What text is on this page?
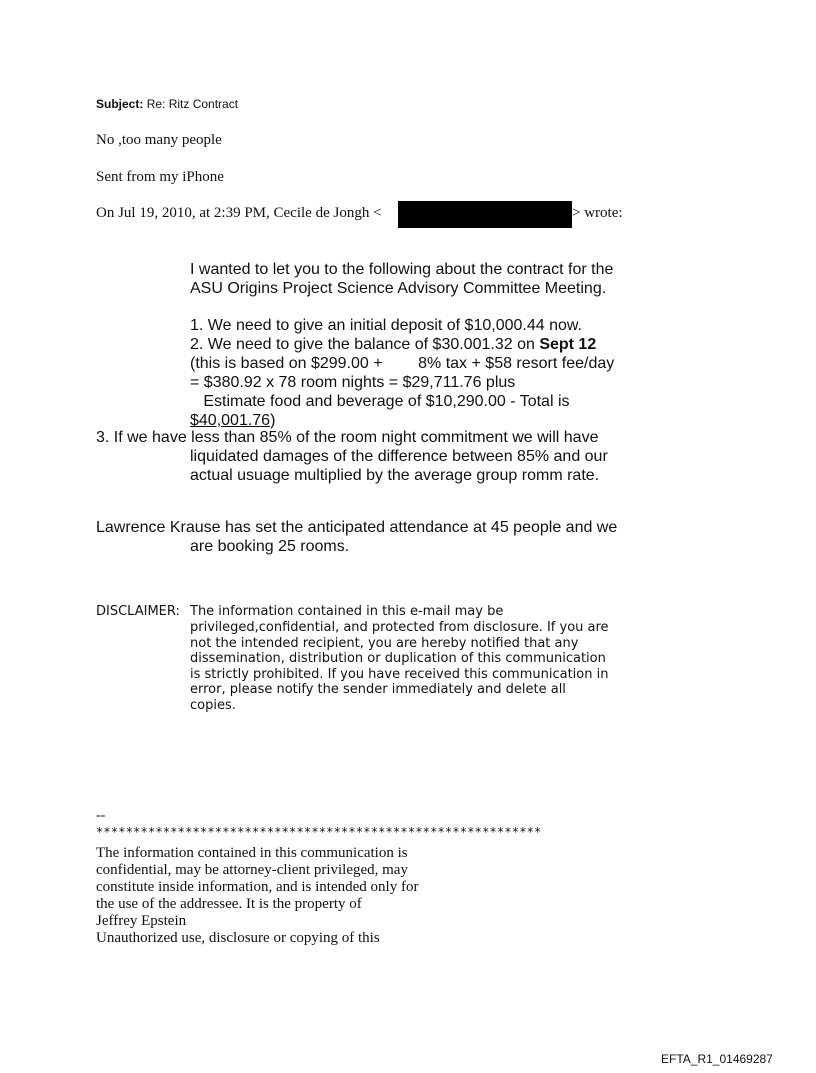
Subject: Re: Ritz Contract
No ,too many people
Sent from my iPhone
On Jul 19, 2010, at 2:39 PM, Cecile de Jongh <	> wrote:
I wanted to let you to the following about the contract for the
ASU Origins Project Science Advisory Committee Meeting.
1. We need to give an initial deposit of $10,000.44 now.
2. We need to give the balance of $30.001.32 on Sept 12
(this is based on $299.00 +        8% tax + $58 resort fee/day
= $380.92 x 78 room nights = $29,711.76 plus
Estimate food and beverage of $10,290.00 - Total is
$40,001.76)
3. If we have less than 85% of the room night commitment we will have
liquidated damages of the difference between 85% and our
actual usuage multiplied by the average group romm rate.
Lawrence Krause has set the anticipated attendance at 45 people and we
are booking 25 rooms.
DISCLAIMER: The information contained in this e-mail may be
privileged,confidential, and protected from disclosure. If you are
not the intended recipient, you are hereby notified that any
dissemination, distribution or duplication of this communication
is strictly prohibited. If you have received this communication in
error, please notify the sender immediately and delete all
copies.
--
************************************************************
The information contained in this communication is
confidential, may be attorney-client privileged, may
constitute inside information, and is intended only for
the use of the addressee. It is the property of
Jeffrey Epstein
Unauthorized use, disclosure or copying of this
EFTA_R1_01469287
